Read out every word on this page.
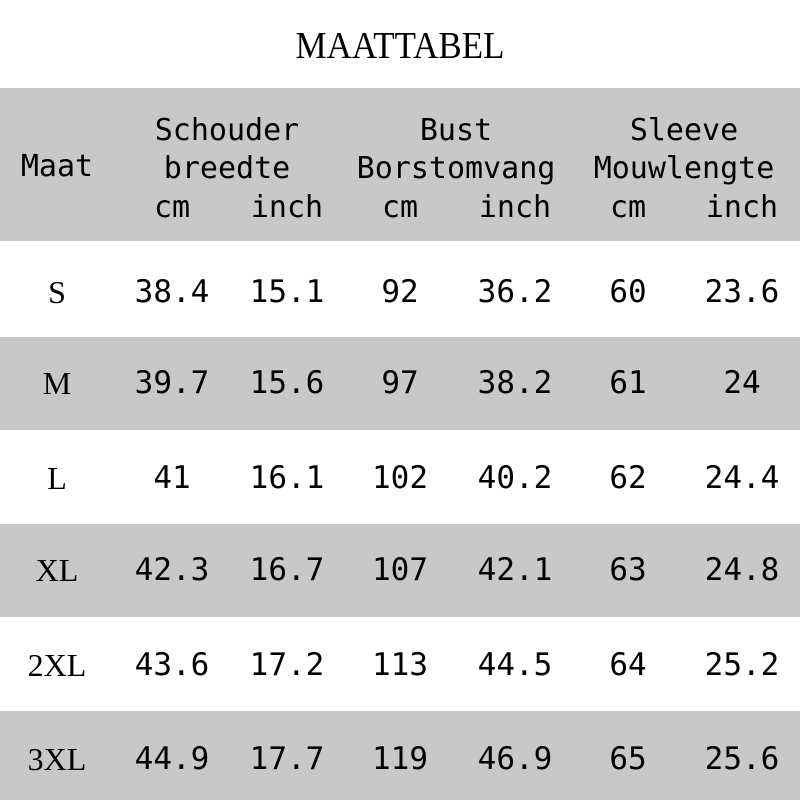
MAATTABEL
Maat
Schouder
breedte
cm inch
Bust
Borstomvang
cm inch
Sleeve
Mouwlengte
cm inch
S 38.4 15.1 92 36.2 60 23.6
M 39.7 15.6 97 38.2 61 24
L	41 16.1 102 40.2 62 24.4
XL 42.3 16.7 107 42.1 63 24.8
2XL 43.6 17.2 113 44.5 64 25.2
3XL 44.9 17.7 119 46.9 65 25.6
